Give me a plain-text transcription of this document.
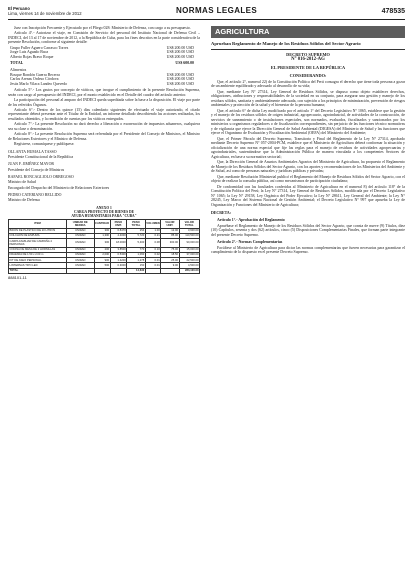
El Peruano
Lima, viernes 14 de noviembre de 2012	NORMAS LEGALES	478535

Juez con Inscripción Frecuente y Ejecutado por el Pliego 028: Ministerio de Defensa, con cargo a su presupuesto.

Artículo 4°.- Autorizar el viaje, en Comisión de Servicio del personal del Instituto Nacional de Defensa Civil – INDECI, del 13 al 17 de noviembre de 2012, a la República de Cuba, para los fines descritos en la parte considerativa de la presente Resolución, conforme al siguiente detalle:

Grupo Fuller Aguero Carrasco Torres	US$ 200.00 USD
Jorge Luis Aguado Baca	US$ 200.00 USD
Alberto Rojas Bravo Roque	US$ 200.00 USD
TOTAL	US$ 600.00
Alimentos
Bosque Rondón Guerra Becerra	US$ 200.00 USD
Carlos Arenas Ordeso Córdova	US$ 200.00 USD
Jesús Marlo Vilaca Landeo Quevedo	US$ 200.00 USD

Artículo 5°.- Los gastos por concepto de viáticos, que irrogue el cumplimiento de la presente Resolución Suprema, serán con cargo al presupuesto del INDECI, por el monto establecido en el Detalle del cuadro del artículo anterior.

La participación del personal al amparo del INDECI queda supeditada sobre la base a la disposición. El viaje por parte de los referidos Órganos.

Artículo 6°.- Dentro de los quince (15) días calendario siguientes de efectuado el viaje autorizado, el citado representante deberá presentar ante el Titular de la Entidad, un informe detallado describiendo las acciones realizadas, los resultados obtenidos, y la rendición de cuentas por los viáticos entregados.

Artículo 7°.- La presente Resolución no dará derecho a liberación o exoneración de impuestos aduaneros, cualquiera sea su clase o denominación.

Artículo 8°.- La presente Resolución Suprema será refrendada por el Presidente del Consejo de Ministros, el Ministro de Relaciones Exteriores y el Ministro de Defensa.

Regístrese, comuníquese y publíquese.

OLLANTA HUMALA TASSO

Presidente Constitucional de la República

JUAN F. JIMÉNEZ MAYOR

Presidente del Consejo de Ministros

RAFAEL RONCAGLIOLO ORBEGOSO

Ministro de Salud

Encargado del Despacho del Ministerio de Relaciones Exteriores

PEDRO CATERIANO BELLIDO

Ministro de Defensa

ANEXO 1
CARGA PROYECTO DE BIENES DE
AYUDA HUMANITARIA PARA "CUBA"
ITEM	UNIDAD DE MEDIDA	CANTIDAD	PESO UNIT.	PESO TOTAL	VOLUMEN	VALOR UNIT.	VALOR TOTAL
BIDÓN DE PLÁSTICO DE 20 LITROS	UNIDAD	300	0.8470	254	1.00	12.00	3,600.00
COLCHÓN DE ESPUMA	UNIDAD	1,300	4.4000	5,720	0.21	85.00	110,500.00
CARPA FAMILIAR DE CAMPAÑA 4 PERSONAS	UNIDAD	300	18.0000	5,400	0.08	300.00	90,000.00
COCINA DE MESA DE 2 HORNILLAS	UNIDAD	200	3.8500	770	0.10	75.00	15,000.00
FRAZADA DE 1.50 x 2.00 m	UNIDAD	2,000	0.5300	1,060	0.02	18.50	37,000.00
KIT DE ASEO PERSONAL	UNIDAD	900	1.4200	1,278	0.01	25.00	22,500.00
LINTERNAS TIPO LED	UNIDAD	500	0.3000	150	0.01	9.00	4,500.00
TOTAL				14,632			283,100.00
888101-11
AGRICULTURA
Aprueban Reglamento de Manejo de los Residuos Sólidos del Sector Agrario
DECRETO SUPREMO
N° 016-2012-AG
EL PRESIDENTE DE LA REPÚBLICA
CONSIDERANDO:

Que, el artículo 2°, numeral 22) de la Constitución Política del Perú consagra el derecho que tiene toda persona a gozar de un ambiente equilibrado y adecuado al desarrollo de su vida;

Que, mediante Ley N° 27314, Ley General de Residuos Sólidos, se dispuso como objeto establecer derechos, obligaciones, atribuciones y responsabilidades de la sociedad en su conjunto, para asegurar una gestión y manejo de los residuos sólidos, sanitaria y ambientalmente adecuada, con sujeción a los principios de minimización, prevención de riesgos ambientales y protección de la salud y el bienestar de la persona humana;

Que, el artículo 6° de dicha Ley modificado por el artículo 1° del Decreto Legislativo N° 1065, establece que la gestión y el manejo de los residuos sólidos de origen industrial, agropecuario, agroindustrial, de actividades de la construcción, de servicios de saneamiento o de instalaciones especiales, son normados, evaluados, fiscalizados y sancionados por los ministerios u organismos reguladores o de fiscalización correspondientes, sin perjuicio de las funciones técnico normativas y de vigilancia que ejerce la Dirección General de Salud Ambiental (DIGESA) del Ministerio de Salud y las funciones que ejerce el Organismo de Evaluación y Fiscalización Ambiental (OEFA) del Ministerio del Ambiente;

Que, el Primer Párrafo del Decreto Supremo, Transitorio y Final del Reglamento de la Ley N° 27314, aprobado mediante Decreto Supremo N° 057-2004-PCM, establece que el Ministerio de Agricultura deberá conformar la situación y oficialización de una norma especial que fije las reglas para el manejo de residuos de actividades agropecuarias y agroindustriales, sustentándose que la Administración Pública de manera vinculada a los competentes Sectores de Agricultura, en base a su normativa sectorial;

Que, la Dirección General de Asuntos Ambientales Agrarios del Ministerio de Agricultura, ha propuesto el Reglamento de Manejo de los Residuos Sólidos del Sector Agrario, con los aportes y recomendaciones de los Ministerios del Ambiente y de Salud, así como de personas naturales y jurídicas públicas y privadas;

Que, mediante Resolución Ministerial publicó el Reglamento del Manejo de Residuos Sólidos del Sector Agrario, con el objeto de realizar la consulta pública, así como mecanismos de participación ciudadana;

De conformidad con las facultades conferidas al Ministerio de Agricultura en el numeral 8) del artículo 118° de la Constitución Política del Perú; la Ley N° 27314, Ley General de Residuos Sólidos, modificada por el Decreto Legislativo N° 1065; la Ley N° 29158, Ley Orgánica del Poder Ejecutivo; la Ley N° 28611, Ley General del Ambiente; la Ley N° 28245, Ley Marco del Sistema Nacional de Gestión Ambiental; el Decreto Legislativo N° 997 que aprueba la Ley de Organización y Funciones del Ministerio de Agricultura;

DECRETA:

Artículo 1°.- Aprobación del Reglamento

Apruébase el Reglamento de Manejo de los Residuos Sólidos del Sector Agrario, que consta de nueve (9) Títulos, diez (10) Capítulos, sesenta y dos (62) artículos, cinco (5) Disposiciones Complementarias Finales, que forman parte integrante del presente Decreto Supremo.

Artículo 2°.- Normas Complementarias

Facúltese al Ministerio de Agricultura para dictar las normas complementarias que fueren necesarias para garantizar el cumplimiento de lo dispuesto en el presente Decreto Supremo.
